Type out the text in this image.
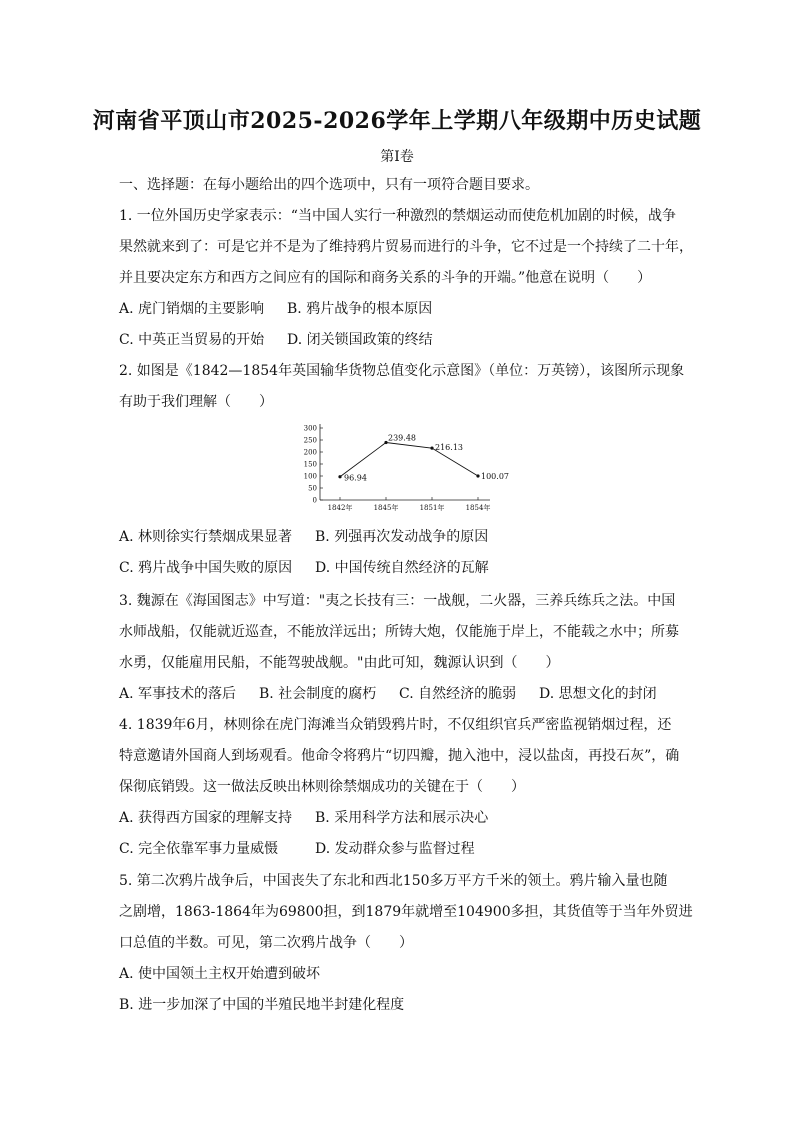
河南省平顶山市2025-2026学年上学期八年级期中历史试题
第I卷
一、选择题：在每小题给出的四个选项中，只有一项符合题目要求。
1. 一位外国历史学家表示：“当中国人实行一种激烈的禁烟运动而使危机加剧的时候，战争
果然就来到了：可是它并不是为了维持鸦片贸易而进行的斗争，它不过是一个持续了二十年，
并且要决定东方和西方之间应有的国际和商务关系的斗争的开端。”他意在说明（　　）
A. 虎门销烟的主要影响 B. 鸦片战争的根本原因
C. 中英正当贸易的开始 D. 闭关锁国政策的终结
2. 如图是《1842—1854年英国输华货物总值变化示意图》（单位：万英镑），该图所示现象
有助于我们理解（　　）
0
50
100
150
200
250
300
1842年	1845年	1851年	1854年
96.94
239.48
216.13
100.07
A. 林则徐实行禁烟成果显著 B. 列强再次发动战争的原因
C. 鸦片战争中国失败的原因 D. 中国传统自然经济的瓦解
3. 魏源在《海国图志》中写道："夷之长技有三：一战舰，二火器，三养兵练兵之法。中国
水师战船，仅能就近巡查，不能放洋远出；所铸大炮，仅能施于岸上，不能载之水中；所募
水勇，仅能雇用民船，不能驾驶战舰。"由此可知，魏源认识到（　　）
A. 军事技术的落后 B. 社会制度的腐朽 C. 自然经济的脆弱 D. 思想文化的封闭
4. 1839年6月，林则徐在虎门海滩当众销毁鸦片时，不仅组织官兵严密监视销烟过程，还
特意邀请外国商人到场观看。他命令将鸦片“切四瓣，抛入池中，浸以盐卤，再投石灰”，确
保彻底销毁。这一做法反映出林则徐禁烟成功的关键在于（　　）
A. 获得西方国家的理解支持 B. 采用科学方法和展示决心
C. 完全依靠军事力量威慑	D. 发动群众参与监督过程
5. 第二次鸦片战争后，中国丧失了东北和西北150多万平方千米的领土。鸦片输入量也随
之剧增，1863-1864年为69800担，到1879年就增至104900多担，其货值等于当年外贸进
口总值的半数。可见，第二次鸦片战争（　　）
A. 使中国领土主权开始遭到破坏
B. 进一步加深了中国的半殖民地半封建化程度
